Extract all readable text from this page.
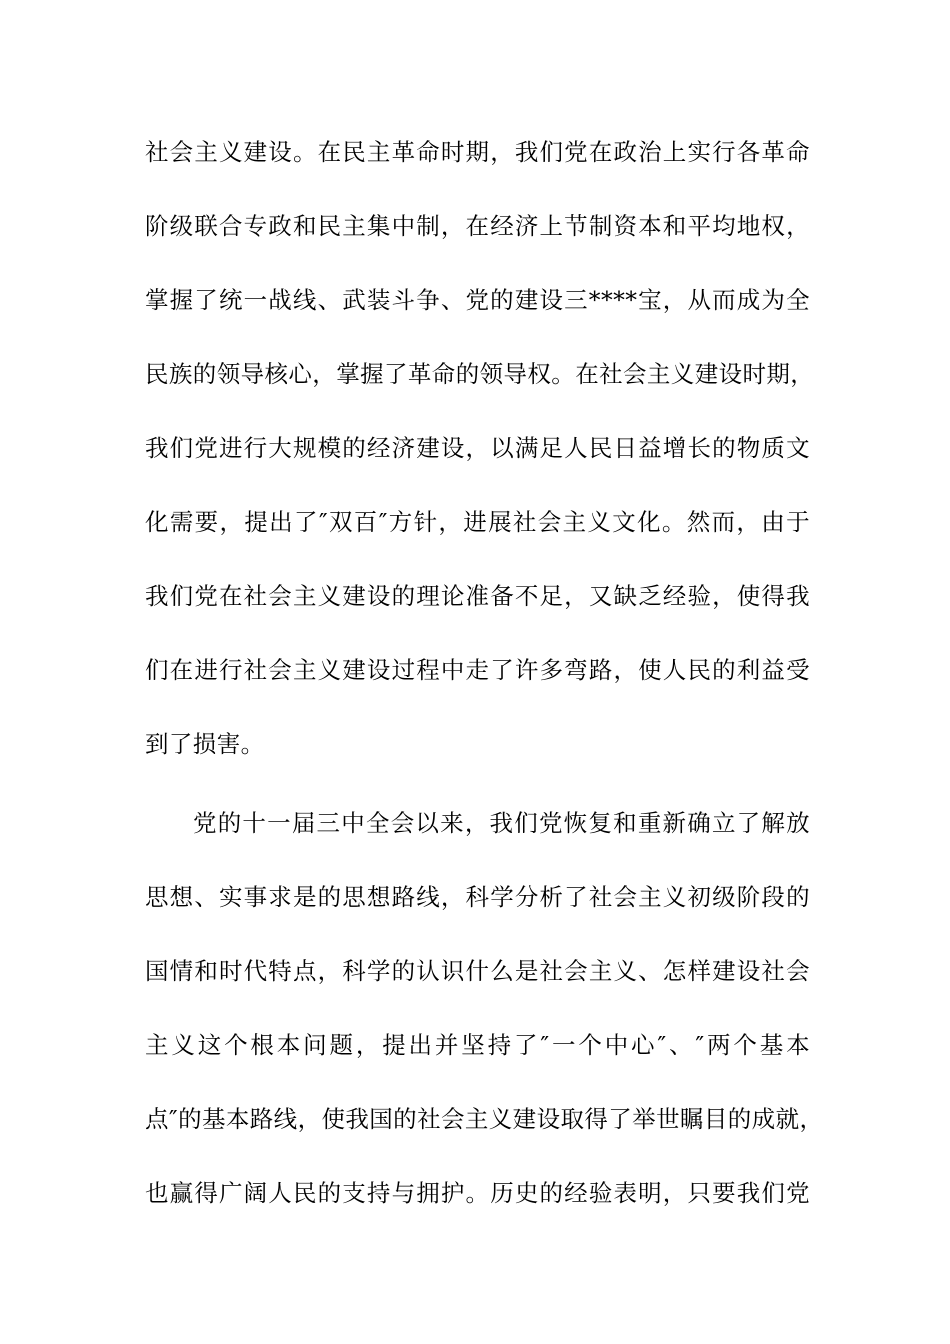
社会主义建设。在民主革命时期，我们党在政治上实行各革命
阶级联合专政和民主集中制，在经济上节制资本和平均地权，
掌握了统一战线、武装斗争、党的建设三****宝，从而成为全
民族的领导核心，掌握了革命的领导权。在社会主义建设时期，
我们党进行大规模的经济建设，以满足人民日益增长的物质文
化需要，提出了″双百″方针，进展社会主义文化。然而，由于
我们党在社会主义建设的理论准备不足，又缺乏经验，使得我
们在进行社会主义建设过程中走了许多弯路，使人民的利益受
到了损害。
党的十一届三中全会以来，我们党恢复和重新确立了解放
思想、实事求是的思想路线，科学分析了社会主义初级阶段的
国情和时代特点，科学的认识什么是社会主义、怎样建设社会
主义这个根本问题，提出并坚持了″一个中心″、″两个基本
点″的基本路线，使我国的社会主义建设取得了举世瞩目的成就，
也赢得广阔人民的支持与拥护。历史的经验表明，只要我们党
